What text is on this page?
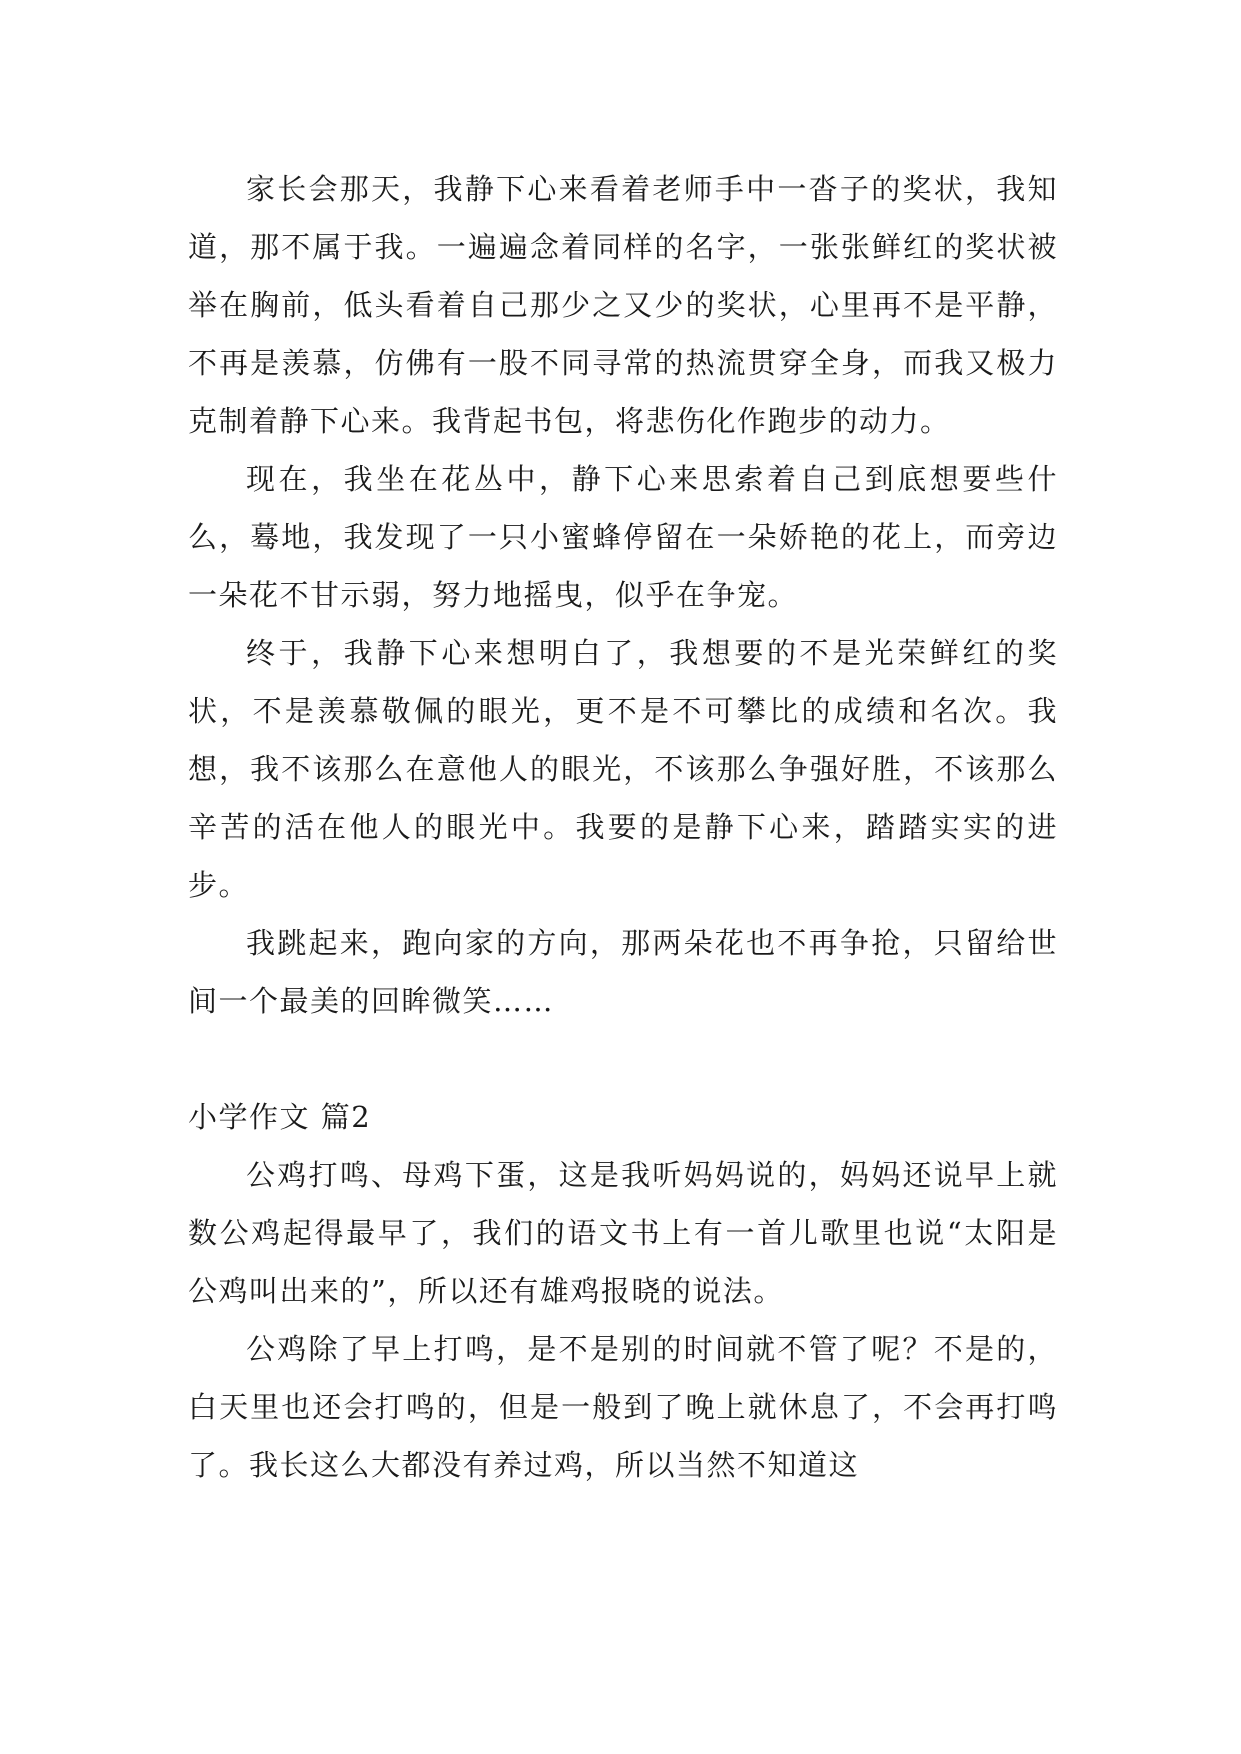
家长会那天，我静下心来看着老师手中一沓子的奖状，我知道，那不属于我。一遍遍念着同样的名字，一张张鲜红的奖状被举在胸前，低头看着自己那少之又少的奖状，心里再不是平静，不再是羡慕，仿佛有一股不同寻常的热流贯穿全身，而我又极力克制着静下心来。我背起书包，将悲伤化作跑步的动力。

现在，我坐在花丛中，静下心来思索着自己到底想要些什么，蓦地，我发现了一只小蜜蜂停留在一朵娇艳的花上，而旁边一朵花不甘示弱，努力地摇曳，似乎在争宠。

终于，我静下心来想明白了，我想要的不是光荣鲜红的奖状，不是羡慕敬佩的眼光，更不是不可攀比的成绩和名次。我想，我不该那么在意他人的眼光，不该那么争强好胜，不该那么辛苦的活在他人的眼光中。我要的是静下心来，踏踏实实的进步。

我跳起来，跑向家的方向，那两朵花也不再争抢，只留给世间一个最美的回眸微笑……

小学作文 篇2

公鸡打鸣、母鸡下蛋，这是我听妈妈说的，妈妈还说早上就数公鸡起得最早了，我们的语文书上有一首儿歌里也说“太阳是公鸡叫出来的”，所以还有雄鸡报晓的说法。

公鸡除了早上打鸣，是不是别的时间就不管了呢？不是的，白天里也还会打鸣的，但是一般到了晚上就休息了，不会再打鸣了。我长这么大都没有养过鸡，所以当然不知道这
